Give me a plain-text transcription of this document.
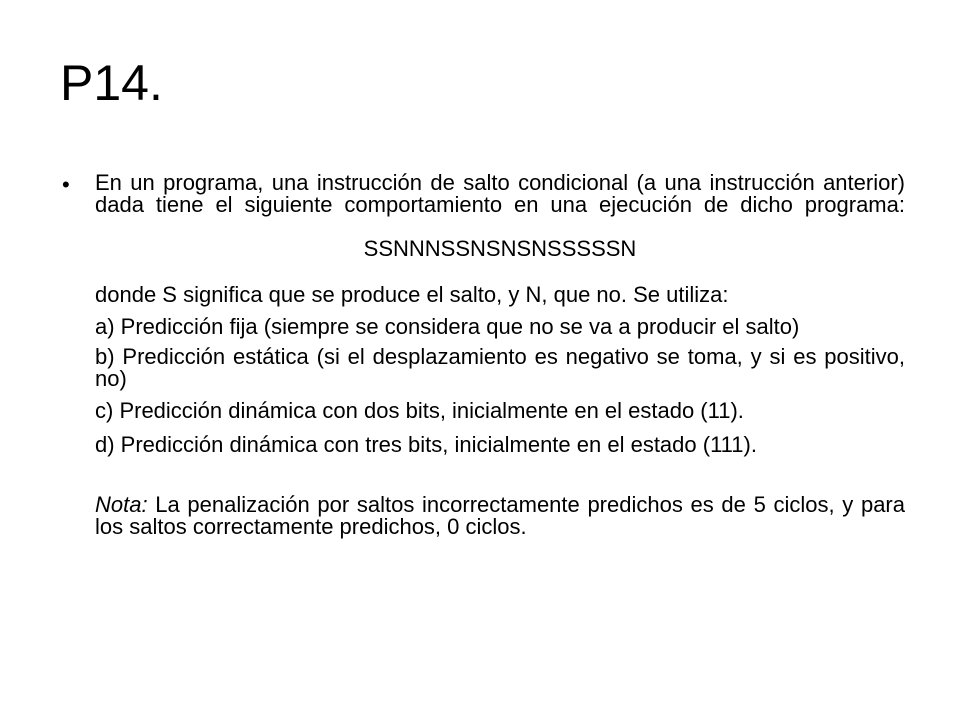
P14.
• En un programa, una instrucción de salto condicional (a una instrucción anterior) dada tiene el siguiente comportamiento en una ejecución de dicho programa:

SSNNNSSNSNSNSSSSSN

donde S significa que se produce el salto, y N, que no. Se utiliza:

a) Predicción fija (siempre se considera que no se va a producir el salto)

b) Predicción estática (si el desplazamiento es negativo se toma, y si es positivo, no)

c) Predicción dinámica con dos bits, inicialmente en el estado (11).

d) Predicción dinámica con tres bits, inicialmente en el estado (111).

Nota: La penalización por saltos incorrectamente predichos es de 5 ciclos, y para los saltos correctamente predichos, 0 ciclos.
